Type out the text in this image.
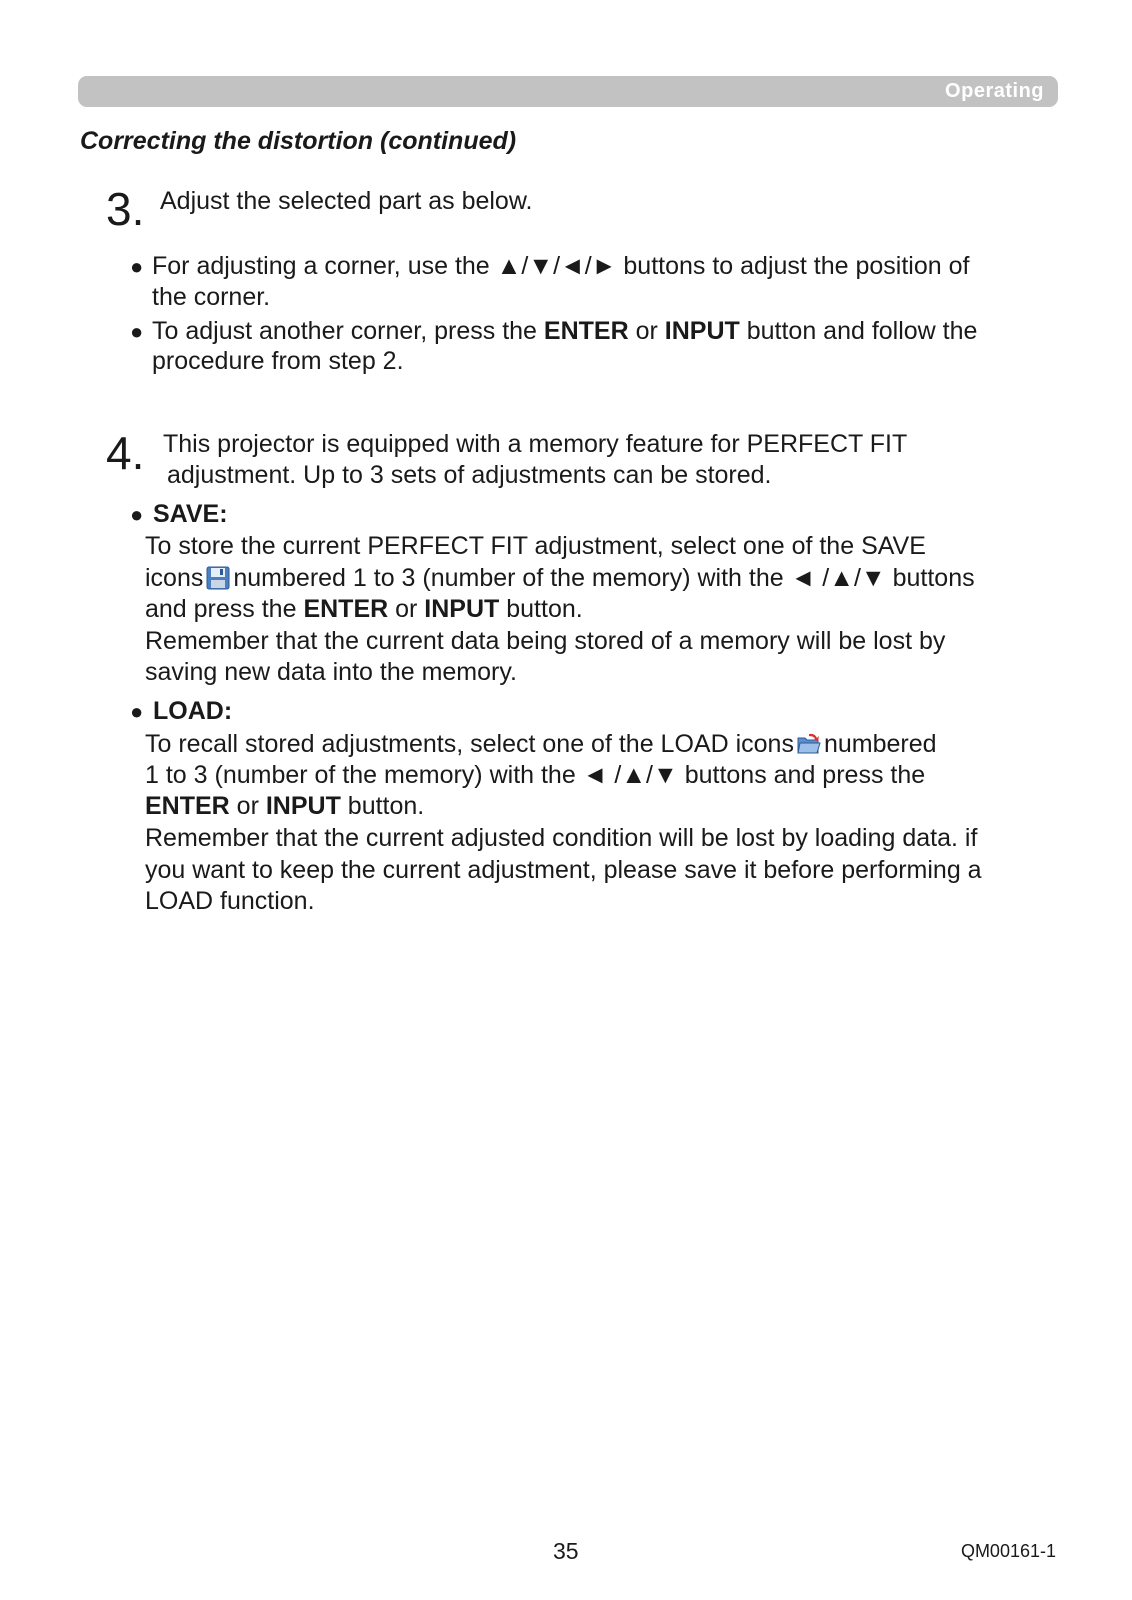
Operating
Correcting the distortion (continued)
3. Adjust the selected part as below.
● For adjusting a corner, use the ▲/▼/◄/► buttons to adjust the position of
the corner.
● To adjust another corner, press the ENTER or INPUT button and follow the
procedure from step 2.
4. This projector is equipped with a memory feature for PERFECT FIT
adjustment. Up to 3 sets of adjustments can be stored.
● SAVE:
To store the current PERFECT FIT adjustment, select one of the SAVE
icons numbered 1 to 3 (number of the memory) with the ◄ /▲/▼ buttons
and press the ENTER or INPUT button.
Remember that the current data being stored of a memory will be lost by
saving new data into the memory.
● LOAD:
To recall stored adjustments, select one of the LOAD icons numbered
1 to 3 (number of the memory) with the ◄ /▲/▼ buttons and press the
ENTER or INPUT button.
Remember that the current adjusted condition will be lost by loading data. if
you want to keep the current adjustment, please save it before performing a
LOAD function.
35	QM00161-1
